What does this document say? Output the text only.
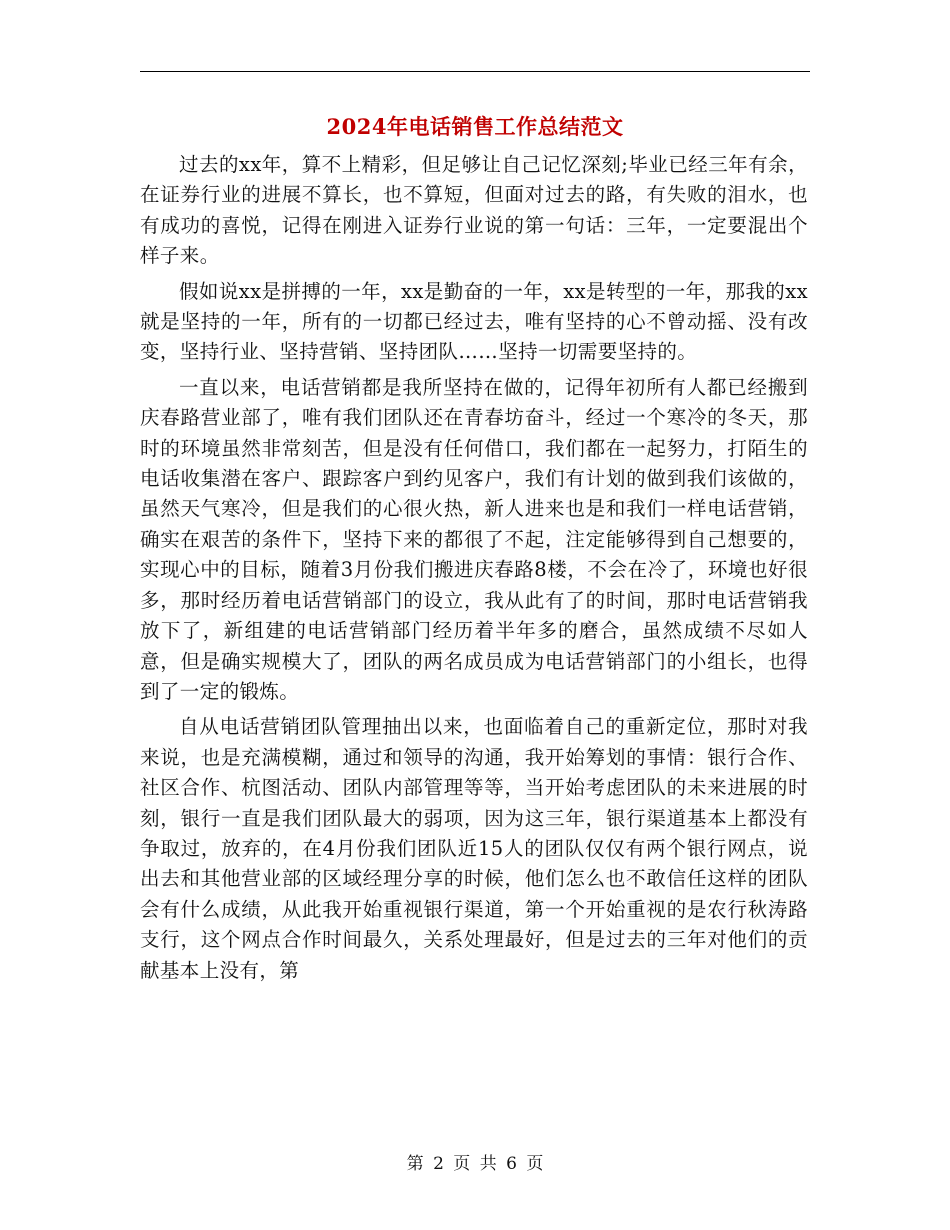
2024年电话销售工作总结范文

过去的xx年，算不上精彩，但足够让自己记忆深刻;毕业已经三年有余，在证券行业的进展不算长，也不算短，但面对过去的路，有失败的泪水，也有成功的喜悦，记得在刚进入证券行业说的第一句话：三年，一定要混出个样子来。

假如说xx是拼搏的一年，xx是勤奋的一年，xx是转型的一年，那我的xx就是坚持的一年，所有的一切都已经过去，唯有坚持的心不曾动摇、没有改变，坚持行业、坚持营销、坚持团队……坚持一切需要坚持的。

一直以来，电话营销都是我所坚持在做的，记得年初所有人都已经搬到庆春路营业部了，唯有我们团队还在青春坊奋斗，经过一个寒冷的冬天，那时的环境虽然非常刻苦，但是没有任何借口，我们都在一起努力，打陌生的电话收集潜在客户、跟踪客户到约见客户，我们有计划的做到我们该做的，虽然天气寒冷，但是我们的心很火热，新人进来也是和我们一样电话营销，确实在艰苦的条件下，坚持下来的都很了不起，注定能够得到自己想要的，实现心中的目标，随着3月份我们搬进庆春路8楼，不会在冷了，环境也好很多，那时经历着电话营销部门的设立，我从此有了的时间，那时电话营销我放下了，新组建的电话营销部门经历着半年多的磨合，虽然成绩不尽如人意，但是确实规模大了，团队的两名成员成为电话营销部门的小组长，也得到了一定的锻炼。

自从电话营销团队管理抽出以来，也面临着自己的重新定位，那时对我来说，也是充满模糊，通过和领导的沟通，我开始筹划的事情：银行合作、社区合作、杭图活动、团队内部管理等等，当开始考虑团队的未来进展的时刻，银行一直是我们团队最大的弱项，因为这三年，银行渠道基本上都没有争取过，放弃的，在4月份我们团队近15人的团队仅仅有两个银行网点，说出去和其他营业部的区域经理分享的时候，他们怎么也不敢信任这样的团队会有什么成绩，从此我开始重视银行渠道，第一个开始重视的是农行秋涛路支行，这个网点合作时间最久，关系处理最好，但是过去的三年对他们的贡献基本上没有，第

第 2 页 共 6 页
